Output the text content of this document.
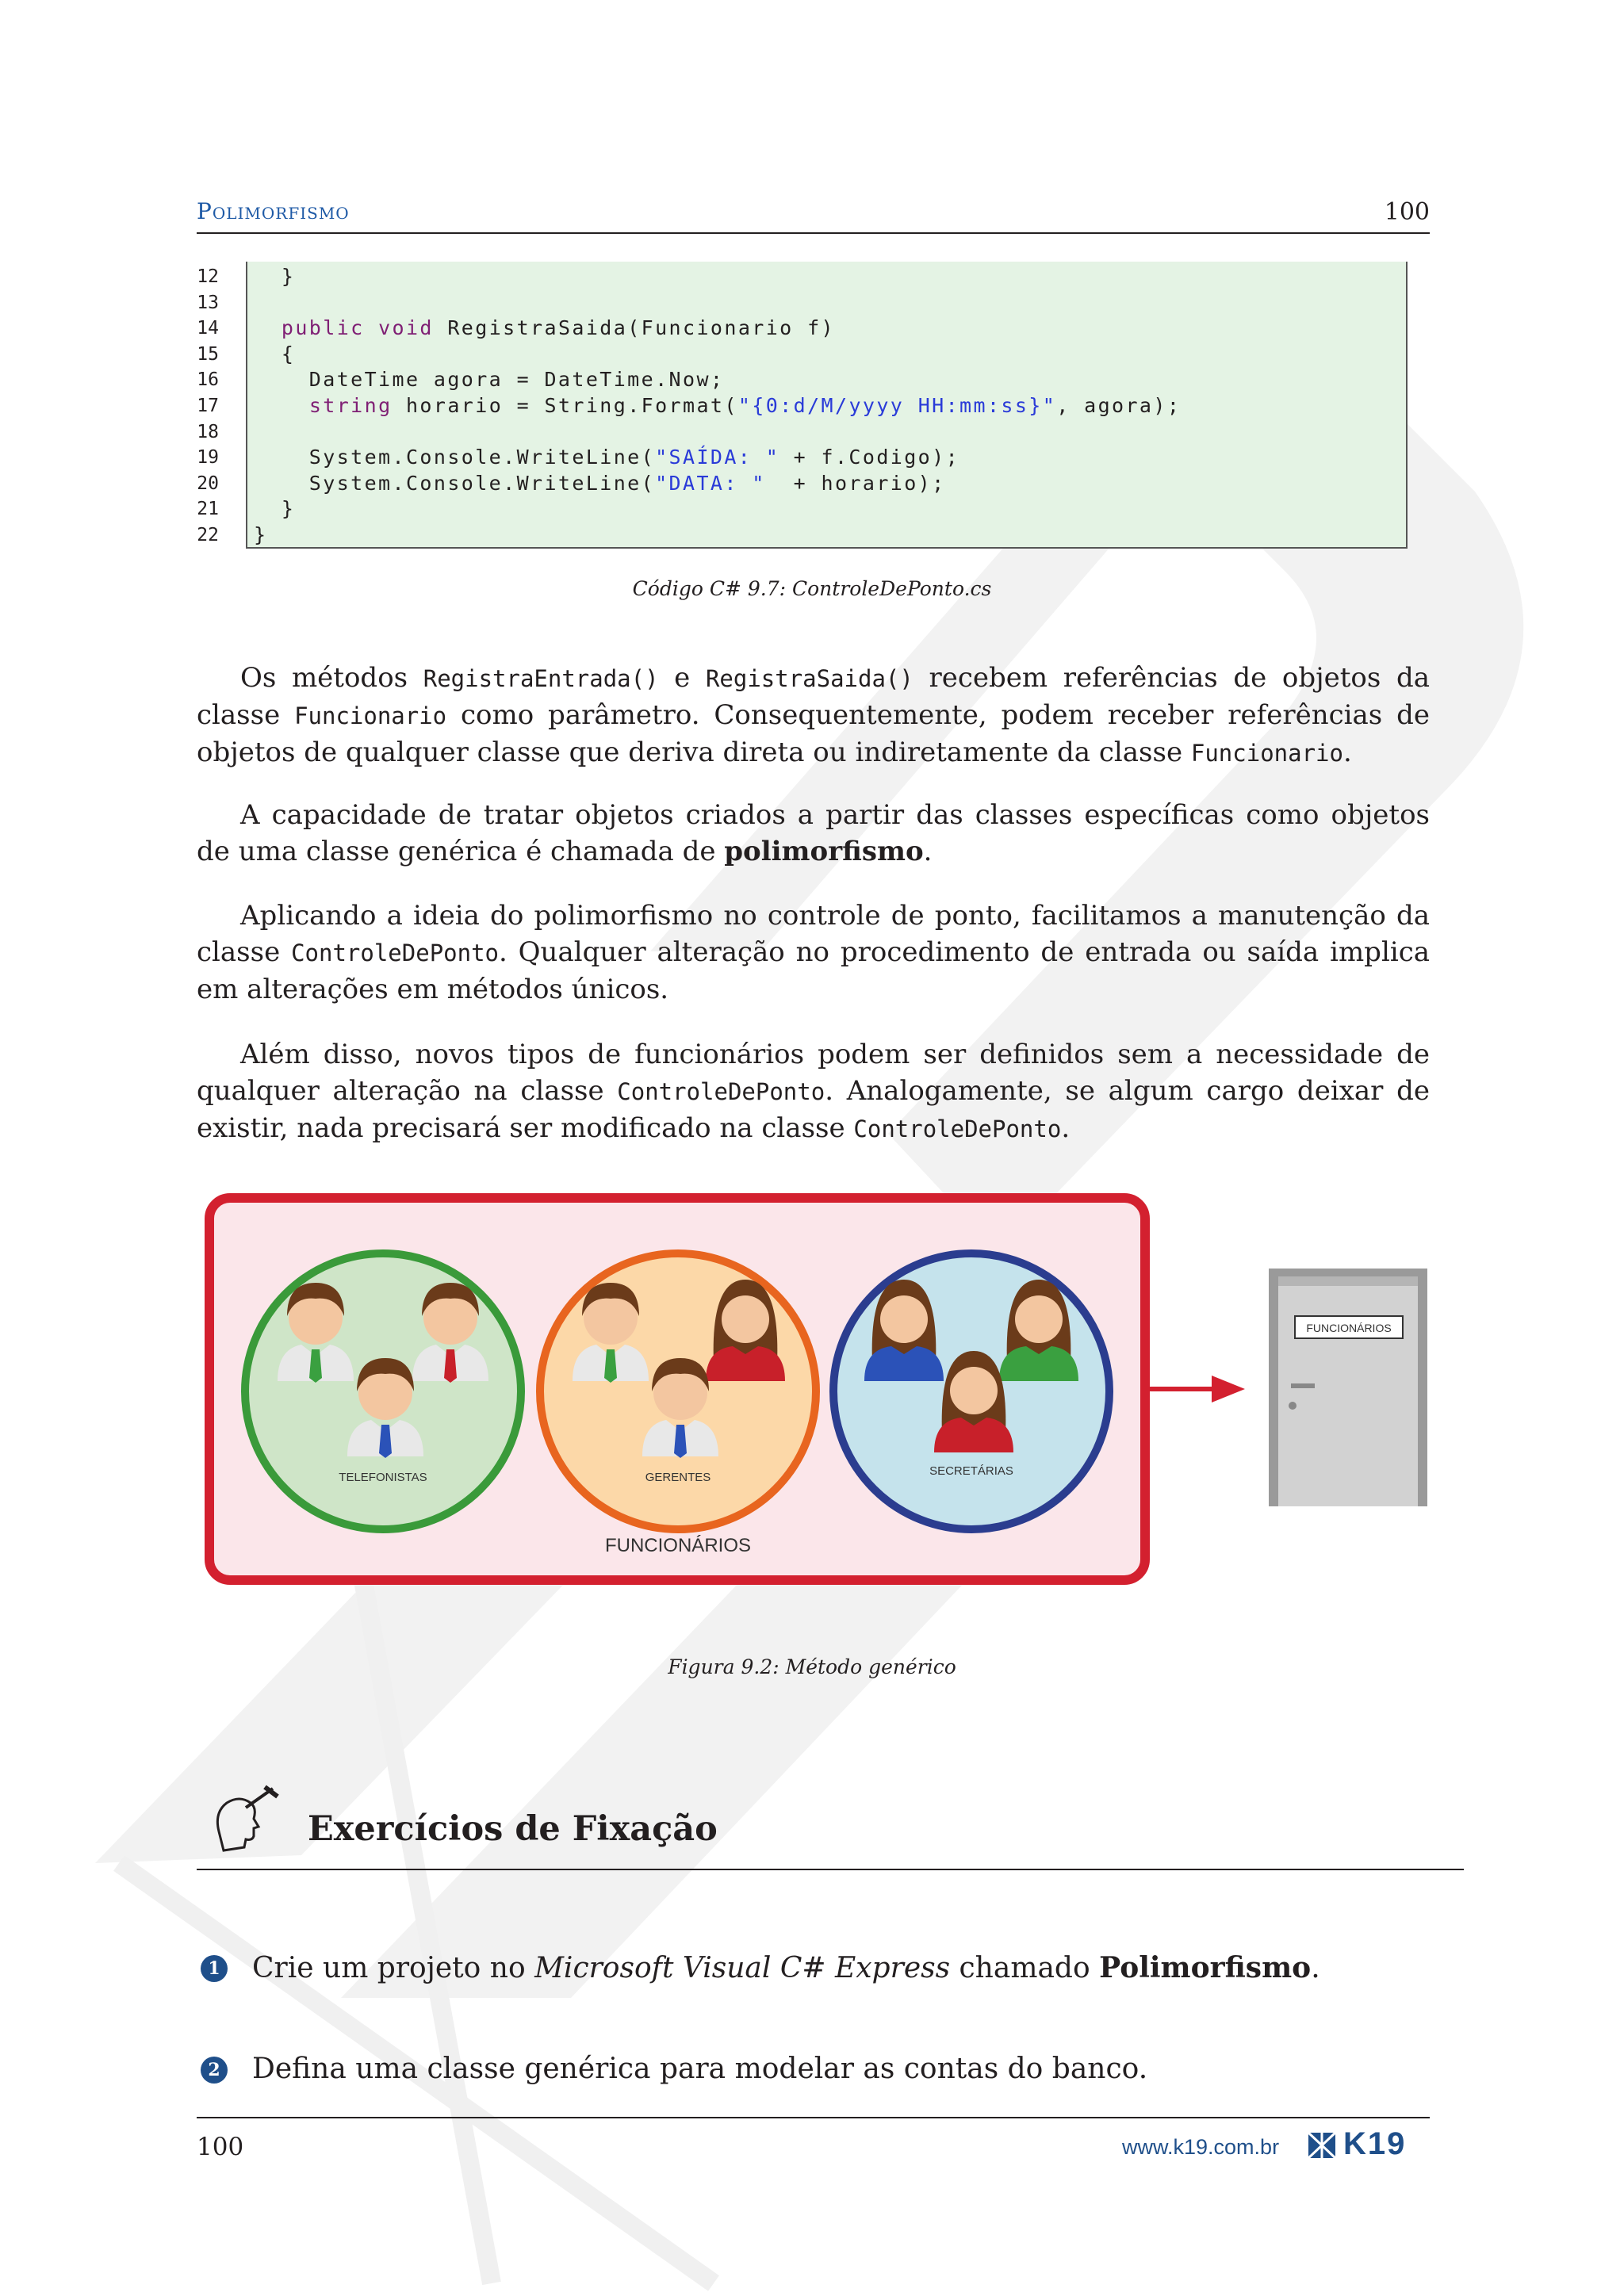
Polimorfismo	100
12
13
14
15
16
17
18
19
20
21
22
}

public void RegistraSaida(Funcionario f)
{
DateTime agora = DateTime.Now;
string horario = String.Format("{0:d/M/yyyy HH:mm:ss}", agora);

System.Console.WriteLine("SAÍDA: " + f.Codigo);
System.Console.WriteLine("DATA: "  + horario);
}
}
Código C# 9.7: ControleDePonto.cs

Os métodos RegistraEntrada() e RegistraSaida() recebem referências de objetos da classe Funcionario como parâmetro. Consequentemente, podem receber referências de objetos de qualquer classe que deriva direta ou indiretamente da classe Funcionario.

A capacidade de tratar objetos criados a partir das classes específicas como objetos de uma classe genérica é chamada de polimorfismo.

Aplicando a ideia do polimorfismo no controle de ponto, facilitamos a manutenção da classe ControleDePonto. Qualquer alteração no procedimento de entrada ou saída implica em alterações em métodos únicos.

Além disso, novos tipos de funcionários podem ser definidos sem a necessidade de qualquer alteração na classe ControleDePonto. Analogamente, se algum cargo deixar de existir, nada precisará ser modificado na classe ControleDePonto.

TELEFONISTAS	GERENTES	SECRETÁRIAS
FUNCIONÁRIOS
FUNCIONÁRIOS
Figura 9.2: Método genérico
Exercícios de Fixação
1 Crie um projeto no Microsoft Visual C# Express chamado Polimorfismo.
2 Defina uma classe genérica para modelar as contas do banco.
100	www.k19.com.br K19
